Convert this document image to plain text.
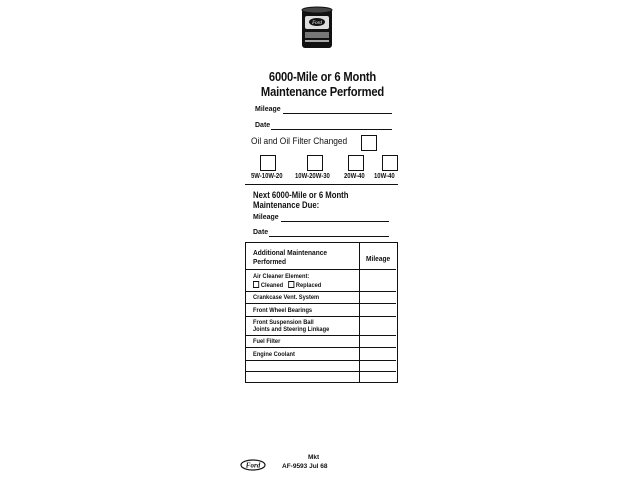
Ford
6000-Mile or 6 Month
Maintenance Performed
Mileage
Date
Oil and Oil Filter Changed
5W-10W-20 10W-20W-30 20W-40 10W-40
Next 6000-Mile or 6 Month
Maintenance Due:
Mileage
Date
Additional Maintenance
Performed	Mileage
Air Cleaner Element:
Cleaned Replaced
Crankcase Vent. System
Front Wheel Bearings
Front Suspension Ball
Joints and Steering Linkage
Fuel Filter
Engine Coolant
Mkt
Ford	AF-9593 Jul 68
